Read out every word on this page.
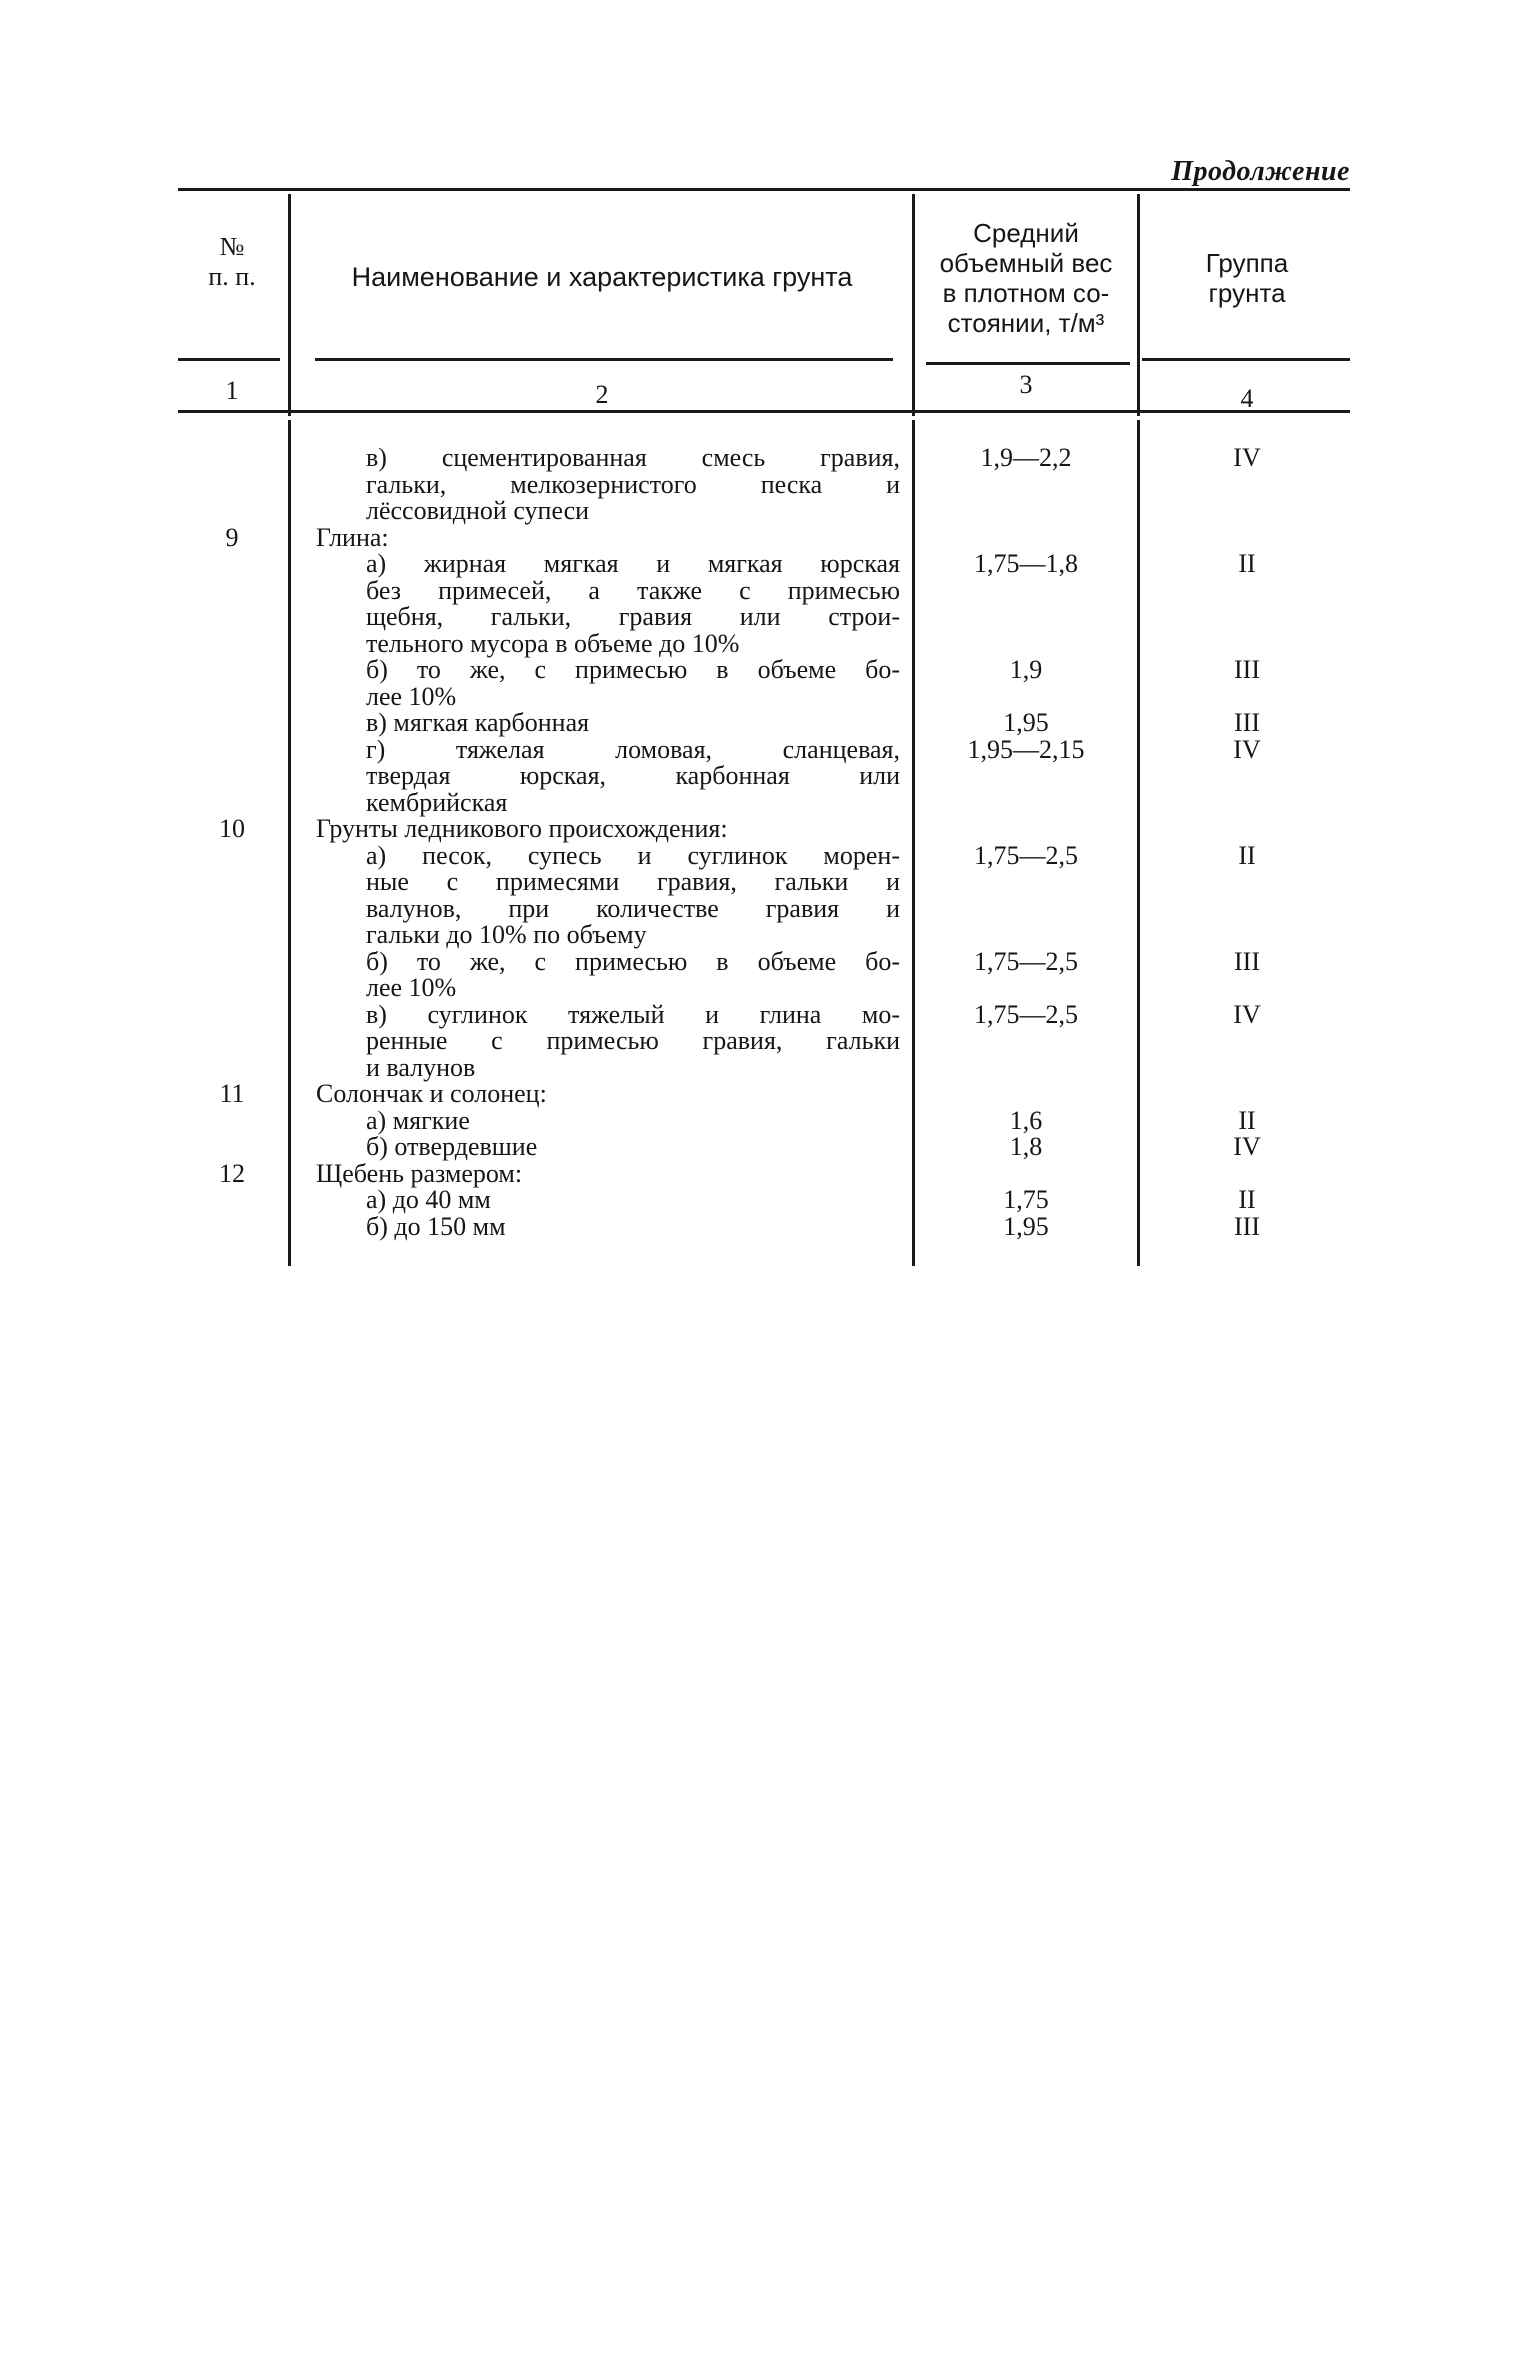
Продолжение
№
п. п.	Наименование и характеристика грунта
Средний
объемный вес
в плотном со-
стоянии, т/м³
Группа
грунта
1	2	3	4
в) сцементированная смесь гравия,	1,9—2,2	IV
гальки, мелкозернистого песка и
лёссовидной супеси
9	Глина:
а) жирная мягкая и мягкая юрская	1,75—1,8	II
без примесей, а также с примесью
щебня, гальки, гравия или строи-
тельного мусора в объеме до 10%
б) то же, с примесью в объеме бо-	1,9	III
лее 10%
в) мягкая карбонная	1,95	III
г) тяжелая ломовая, сланцевая,	1,95—2,15	IV
твердая юрская, карбонная или
кембрийская
10	Грунты ледникового происхождения:
а) песок, супесь и суглинок морен-	1,75—2,5	II
ные с примесями гравия, гальки и
валунов, при количестве гравия и
гальки до 10% по объему
б) то же, с примесью в объеме бо-	1,75—2,5	III
лее 10%
в) суглинок тяжелый и глина мо-	1,75—2,5	IV
ренные с примесью гравия, гальки
и валунов
11	Солончак и солонец:
а) мягкие	1,6	II
б) отвердевшие	1,8	IV
12	Щебень размером:
а) до 40 мм	1,75	II
б) до 150 мм	1,95	III
